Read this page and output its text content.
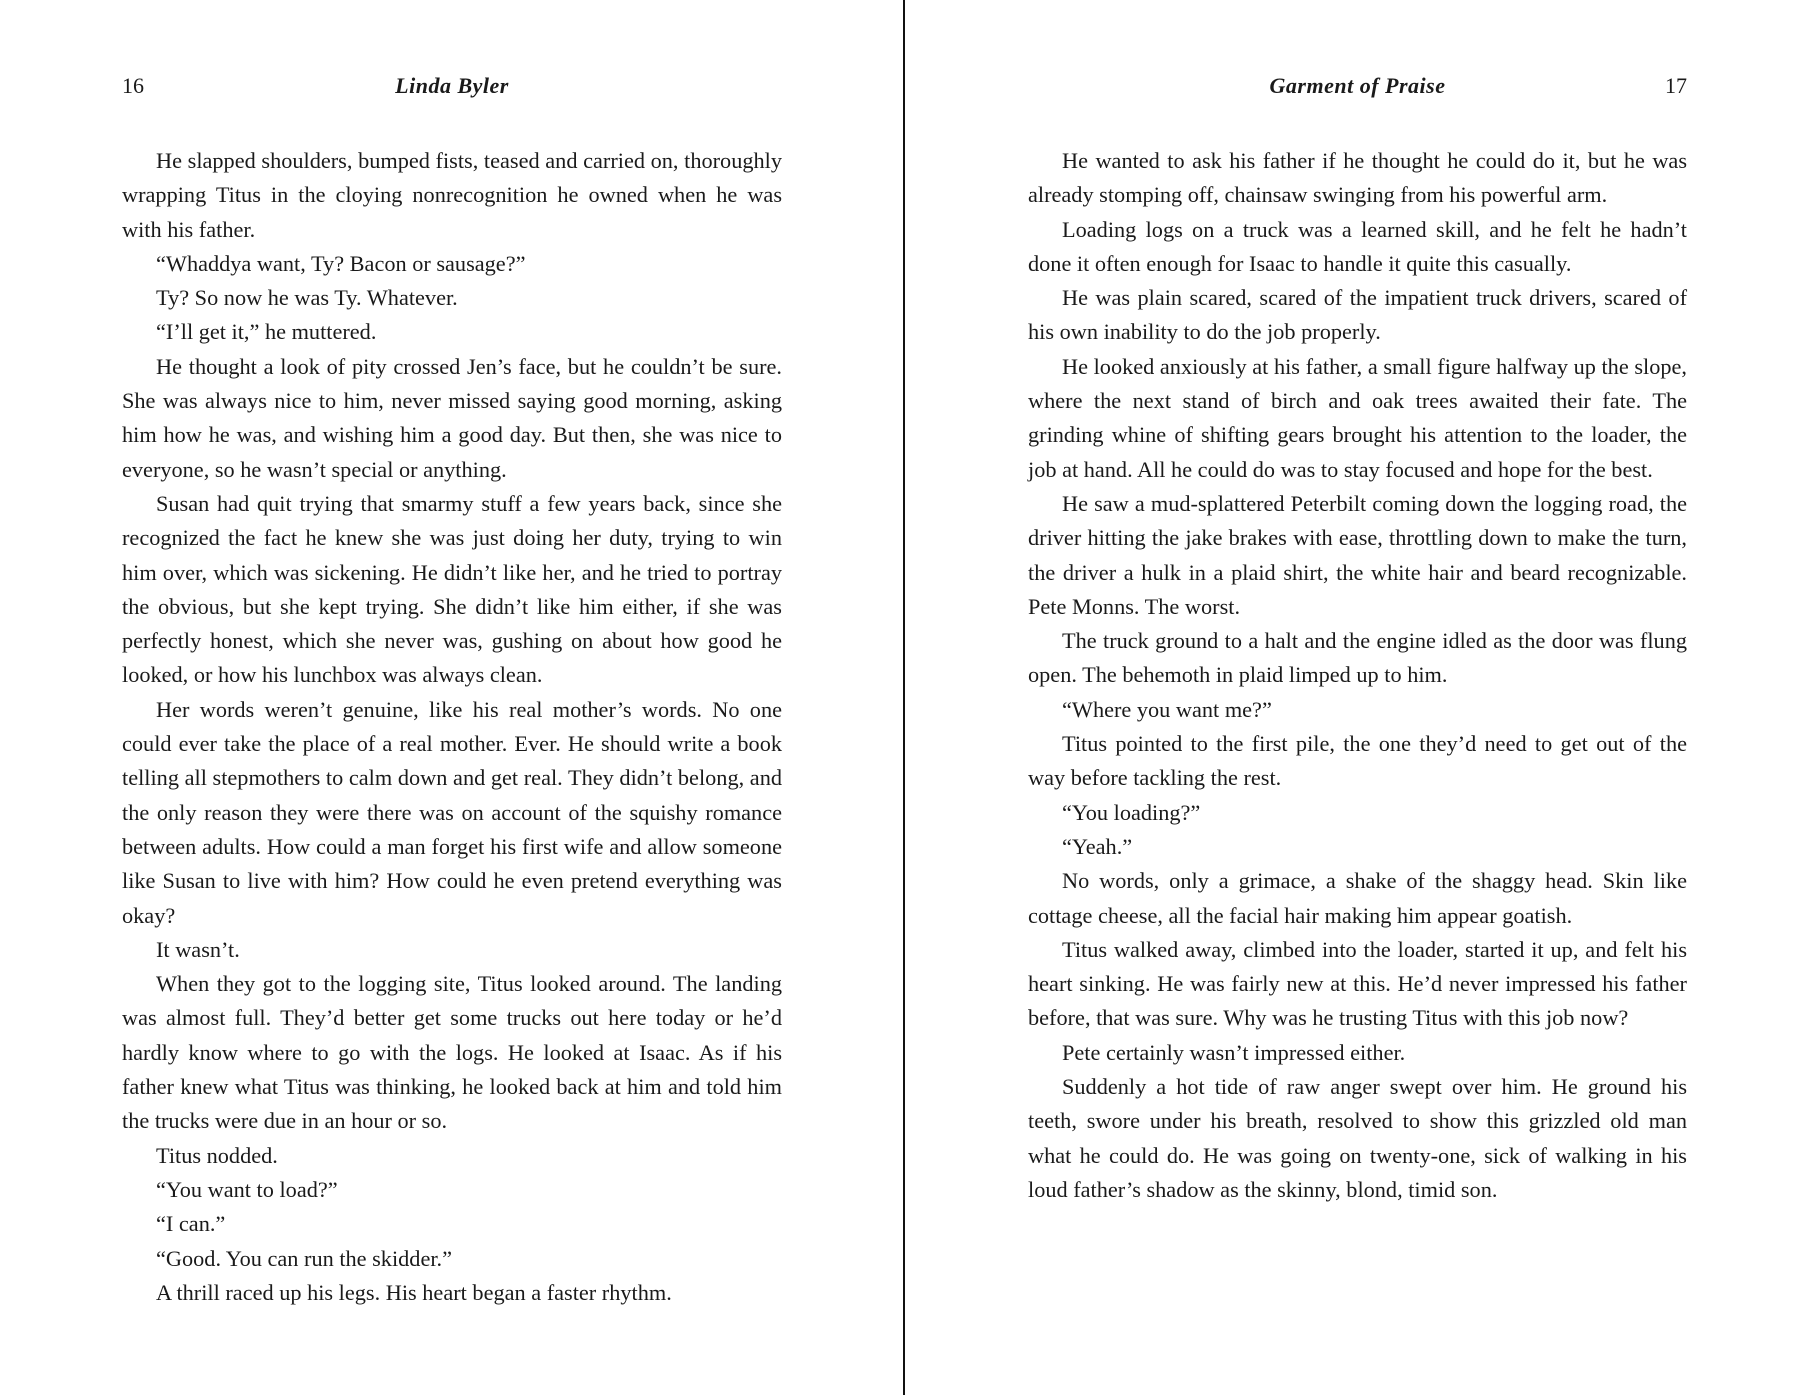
16	Linda Byler

He slapped shoulders, bumped fists, teased and carried on, thoroughly wrapping Titus in the cloying nonrecognition he owned when he was with his father.

“Whaddya want, Ty? Bacon or sausage?”

Ty? So now he was Ty. Whatever.

“I’ll get it,” he muttered.

He thought a look of pity crossed Jen’s face, but he couldn’t be sure. She was always nice to him, never missed saying good morning, asking him how he was, and wishing him a good day. But then, she was nice to everyone, so he wasn’t special or anything.

Susan had quit trying that smarmy stuff a few years back, since she recognized the fact he knew she was just doing her duty, trying to win him over, which was sickening. He didn’t like her, and he tried to portray the obvious, but she kept trying. She didn’t like him either, if she was perfectly honest, which she never was, gushing on about how good he looked, or how his lunchbox was always clean.

Her words weren’t genuine, like his real mother’s words. No one could ever take the place of a real mother. Ever. He should write a book telling all stepmothers to calm down and get real. They didn’t belong, and the only reason they were there was on account of the squishy romance between adults. How could a man forget his first wife and allow someone like Susan to live with him? How could he even pretend everything was okay?

It wasn’t.

When they got to the logging site, Titus looked around. The landing was almost full. They’d better get some trucks out here today or he’d hardly know where to go with the logs. He looked at Isaac. As if his father knew what Titus was thinking, he looked back at him and told him the trucks were due in an hour or so.

Titus nodded.

“You want to load?”

“I can.”

“Good. You can run the skidder.”

A thrill raced up his legs. His heart began a faster rhythm.

Garment of Praise	17

He wanted to ask his father if he thought he could do it, but he was already stomping off, chainsaw swinging from his powerful arm.

Loading logs on a truck was a learned skill, and he felt he hadn’t done it often enough for Isaac to handle it quite this casually.

He was plain scared, scared of the impatient truck drivers, scared of his own inability to do the job properly.

He looked anxiously at his father, a small figure halfway up the slope, where the next stand of birch and oak trees awaited their fate. The grinding whine of shifting gears brought his attention to the loader, the job at hand. All he could do was to stay focused and hope for the best.

He saw a mud-splattered Peterbilt coming down the logging road, the driver hitting the jake brakes with ease, throttling down to make the turn, the driver a hulk in a plaid shirt, the white hair and beard recognizable. Pete Monns. The worst.

The truck ground to a halt and the engine idled as the door was flung open. The behemoth in plaid limped up to him.

“Where you want me?”

Titus pointed to the first pile, the one they’d need to get out of the way before tackling the rest.

“You loading?”

“Yeah.”

No words, only a grimace, a shake of the shaggy head. Skin like cottage cheese, all the facial hair making him appear goatish.

Titus walked away, climbed into the loader, started it up, and felt his heart sinking. He was fairly new at this. He’d never impressed his father before, that was sure. Why was he trusting Titus with this job now?

Pete certainly wasn’t impressed either.

Suddenly a hot tide of raw anger swept over him. He ground his teeth, swore under his breath, resolved to show this grizzled old man what he could do. He was going on twenty-one, sick of walking in his loud father’s shadow as the skinny, blond, timid son.
